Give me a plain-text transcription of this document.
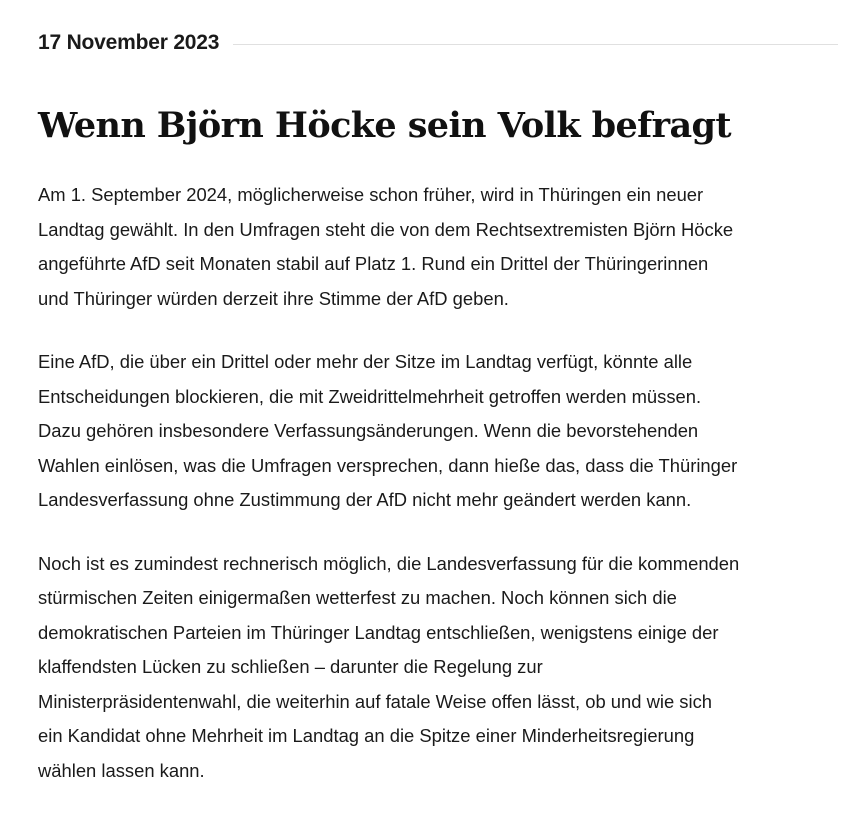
17 November 2023
Wenn Björn Höcke sein Volk befragt

Am 1. September 2024, möglicherweise schon früher, wird in Thüringen ein neuer
Landtag gewählt. In den Umfragen steht die von dem Rechtsextremisten Björn Höcke
angeführte AfD seit Monaten stabil auf Platz 1. Rund ein Drittel der Thüringerinnen
und Thüringer würden derzeit ihre Stimme der AfD geben.

Eine AfD, die über ein Drittel oder mehr der Sitze im Landtag verfügt, könnte alle
Entscheidungen blockieren, die mit Zweidrittelmehrheit getroffen werden müssen.
Dazu gehören insbesondere Verfassungsänderungen. Wenn die bevorstehenden
Wahlen einlösen, was die Umfragen versprechen, dann hieße das, dass die Thüringer
Landesverfassung ohne Zustimmung der AfD nicht mehr geändert werden kann.

Noch ist es zumindest rechnerisch möglich, die Landesverfassung für die kommenden
stürmischen Zeiten einigermaßen wetterfest zu machen. Noch können sich die
demokratischen Parteien im Thüringer Landtag entschließen, wenigstens einige der
klaffendsten Lücken zu schließen – darunter die Regelung zur
Ministerpräsidentenwahl, die weiterhin auf fatale Weise offen lässt, ob und wie sich
ein Kandidat ohne Mehrheit im Landtag an die Spitze einer Minderheitsregierung
wählen lassen kann.
